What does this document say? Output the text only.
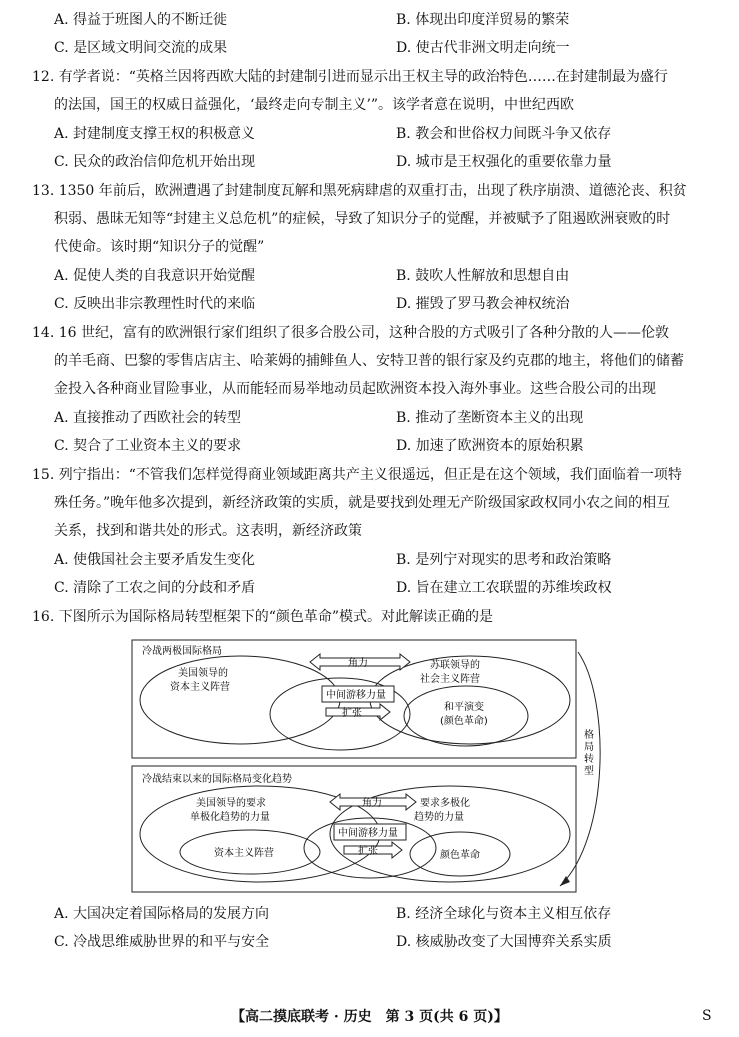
A. 得益于班图人的不断迁徙	B. 体现出印度洋贸易的繁荣
C. 是区域文明间交流的成果	D. 使古代非洲文明走向统一
12. 有学者说：“英格兰因将西欧大陆的封建制引进而显示出王权主导的政治特色……在封建制最为盛行
的法国，国王的权威日益强化，‘最终走向专制主义’”。该学者意在说明，中世纪西欧
A. 封建制度支撑王权的积极意义	B. 教会和世俗权力间既斗争又依存
C. 民众的政治信仰危机开始出现	D. 城市是王权强化的重要依靠力量
13. 1350 年前后，欧洲遭遇了封建制度瓦解和黑死病肆虐的双重打击，出现了秩序崩溃、道德沦丧、积贫
积弱、愚昧无知等“封建主义总危机”的症候，导致了知识分子的觉醒，并被赋予了阻遏欧洲衰败的时
代使命。该时期“知识分子的觉醒”
A. 促使人类的自我意识开始觉醒	B. 鼓吹人性解放和思想自由
C. 反映出非宗教理性时代的来临	D. 摧毁了罗马教会神权统治
14. 16 世纪，富有的欧洲银行家们组织了很多合股公司，这种合股的方式吸引了各种分散的人——伦敦
的羊毛商、巴黎的零售店店主、哈莱姆的捕鲱鱼人、安特卫普的银行家及约克郡的地主，将他们的储蓄
金投入各种商业冒险事业，从而能轻而易举地动员起欧洲资本投入海外事业。这些合股公司的出现
A. 直接推动了西欧社会的转型	B. 推动了垄断资本主义的出现
C. 契合了工业资本主义的要求	D. 加速了欧洲资本的原始积累
15. 列宁指出：“不管我们怎样觉得商业领域距离共产主义很遥远，但正是在这个领域，我们面临着一项特
殊任务。”晚年他多次提到，新经济政策的实质，就是要找到处理无产阶级国家政权同小农之间的相互
关系，找到和谐共处的形式。这表明，新经济政策
A. 使俄国社会主要矛盾发生变化	B. 是列宁对现实的思考和政治策略
C. 清除了工农之间的分歧和矛盾	D. 旨在建立工农联盟的苏维埃政权
16. 下图所示为国际格局转型框架下的“颜色革命”模式。对此解读正确的是
冷战两极国际格局
美国领导的
资本主义阵营
苏联领导的
社会主义阵营
角力
中间游移力量
扩张
和平演变
(颜色革命)
格
局
转
型
冷战结束以来的国际格局变化趋势
美国领导的要求
单极化趋势的力量
要求多极化
趋势的力量
角力
中间游移力量
扩张
资本主义阵营	颜色革命
A. 大国决定着国际格局的发展方向	B. 经济全球化与资本主义相互依存
C. 冷战思维威胁世界的和平与安全	D. 核威胁改变了大国博弈关系实质
【高二摸底联考 · 历史　第 3 页(共 6 页)】	S
